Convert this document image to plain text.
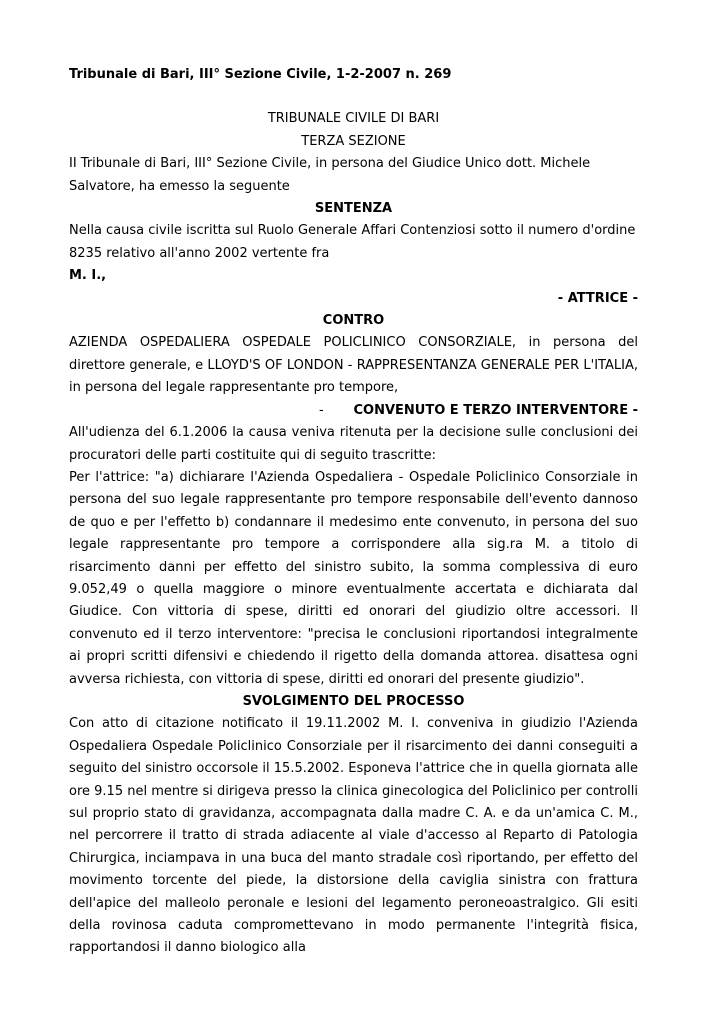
Tribunale di Bari, III° Sezione Civile, 1-2-2007 n. 269

TRIBUNALE CIVILE DI BARI

TERZA SEZIONE

II Tribunale di Bari, III° Sezione Civile, in persona del Giudice Unico dott. Michele Salvatore, ha emesso la seguente

SENTENZA

Nella causa civile iscritta sul Ruolo Generale Affari Contenziosi sotto il numero d'ordine 8235 relativo all'anno 2002 vertente fra

M. I.,

- ATTRICE -

CONTRO

AZIENDA OSPEDALIERA OSPEDALE POLICLINICO CONSORZIALE, in persona del direttore generale, e LLOYD'S OF LONDON - RAPPRESENTANZA GENERALE PER L'ITALIA, in persona del legale rappresentante pro tempore,

- CONVENUTO E TERZO INTERVENTORE -

All'udienza del 6.1.2006 la causa veniva ritenuta per la decisione sulle conclusioni dei procuratori delle parti costituite qui di seguito trascritte:

Per l'attrice: "a) dichiarare I'Azienda Ospedaliera - Ospedale Policlinico Consorziale in persona del suo legale rappresentante pro tempore responsabile dell'evento dannoso de quo e per l'effetto b) condannare il medesimo ente convenuto, in persona del suo legale rappresentante pro tempore a corrispondere alla sig.ra M. a titolo di risarcimento danni per effetto del sinistro subito, la somma complessiva di euro 9.052,49 o quella maggiore o minore eventualmente accertata e dichiarata dal Giudice. Con vittoria di spese, diritti ed onorari del giudizio oltre accessori. Il convenuto ed il terzo interventore: "precisa le conclusioni riportandosi integralmente ai propri scritti difensivi e chiedendo il rigetto della domanda attorea. disattesa ogni avversa richiesta, con vittoria di spese, diritti ed onorari del presente giudizio".

SVOLGIMENTO DEL PROCESSO

Con atto di citazione notificato il 19.11.2002 M. I. conveniva in giudizio l'Azienda Ospedaliera Ospedale Policlinico Consorziale per il risarcimento dei danni conseguiti a seguito del sinistro occorsole il 15.5.2002. Esponeva l'attrice che in quella giornata alle ore 9.15 nel mentre si dirigeva presso la clinica ginecologica del Policlinico per controlli sul proprio stato di gravidanza, accompagnata dalla madre C. A. e da un'amica C. M., nel percorrere il tratto di strada adiacente al viale d'accesso al Reparto di Patologia Chirurgica, inciampava in una buca del manto stradale così riportando, per effetto del movimento torcente del piede, la distorsione della caviglia sinistra con frattura dell'apice del malleolo peronale e lesioni del legamento peroneoastralgico. Gli esiti della rovinosa caduta compromettevano in modo permanente l'integrità fisica, rapportandosi il danno biologico alla
